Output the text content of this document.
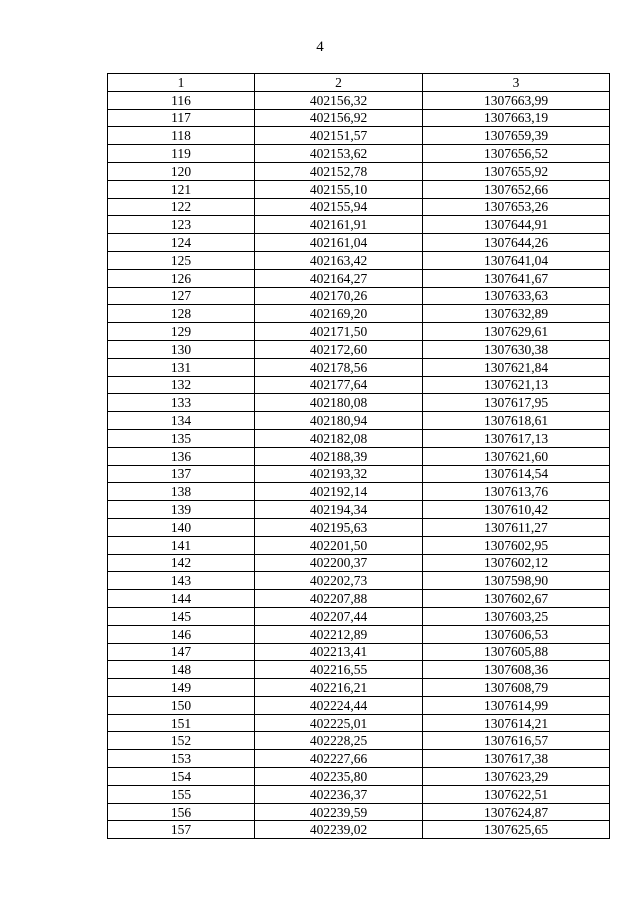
4
1	2	3
116	402156,32	1307663,99
117	402156,92	1307663,19
118	402151,57	1307659,39
119	402153,62	1307656,52
120	402152,78	1307655,92
121	402155,10	1307652,66
122	402155,94	1307653,26
123	402161,91	1307644,91
124	402161,04	1307644,26
125	402163,42	1307641,04
126	402164,27	1307641,67
127	402170,26	1307633,63
128	402169,20	1307632,89
129	402171,50	1307629,61
130	402172,60	1307630,38
131	402178,56	1307621,84
132	402177,64	1307621,13
133	402180,08	1307617,95
134	402180,94	1307618,61
135	402182,08	1307617,13
136	402188,39	1307621,60
137	402193,32	1307614,54
138	402192,14	1307613,76
139	402194,34	1307610,42
140	402195,63	1307611,27
141	402201,50	1307602,95
142	402200,37	1307602,12
143	402202,73	1307598,90
144	402207,88	1307602,67
145	402207,44	1307603,25
146	402212,89	1307606,53
147	402213,41	1307605,88
148	402216,55	1307608,36
149	402216,21	1307608,79
150	402224,44	1307614,99
151	402225,01	1307614,21
152	402228,25	1307616,57
153	402227,66	1307617,38
154	402235,80	1307623,29
155	402236,37	1307622,51
156	402239,59	1307624,87
157	402239,02	1307625,65
